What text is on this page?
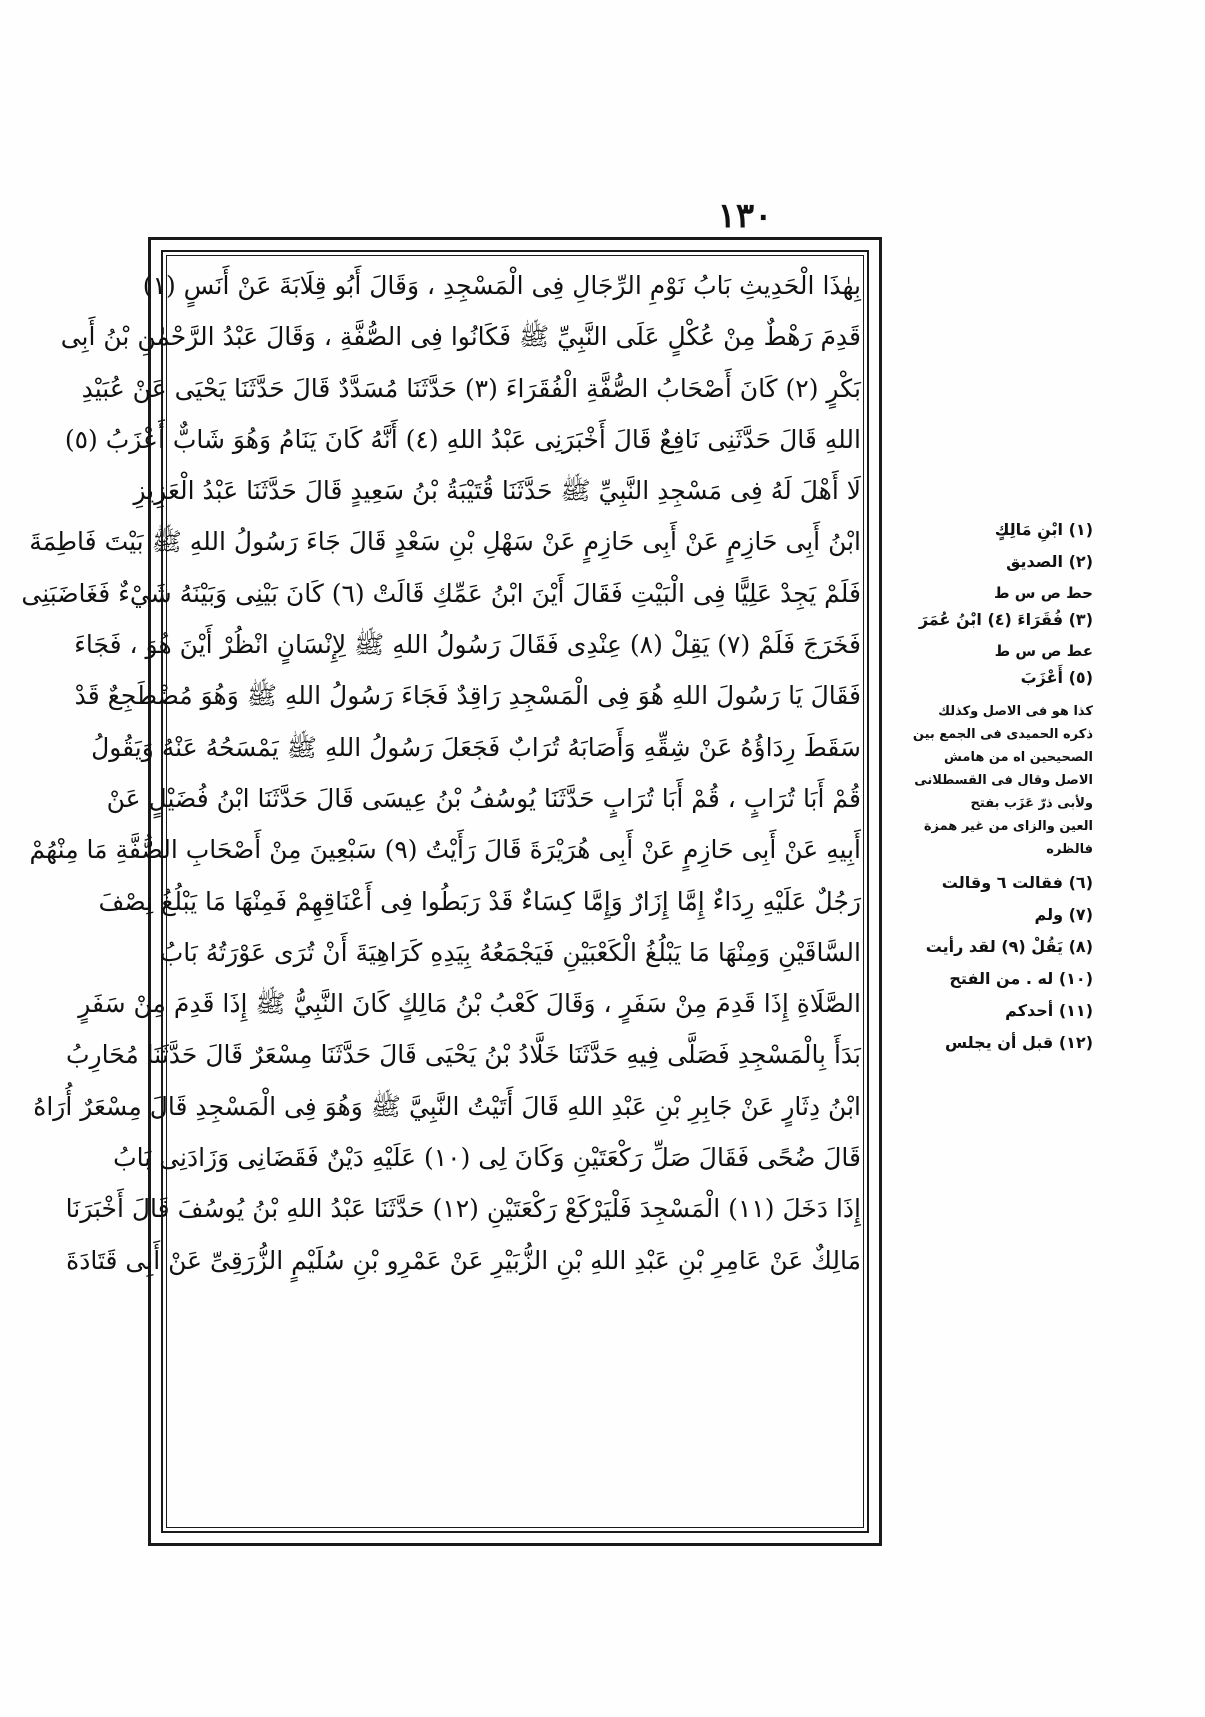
١٣٠
بِهٰذَا الْحَدِيثِ بَابُ نَوْمِ الرِّجَالِ فِى الْمَسْجِدِ ، وَقَالَ أَبُو قِلَابَةَ عَنْ أَنَسٍ (١)
قَدِمَ رَهْطٌ مِنْ عُكْلٍ عَلَى النَّبِيِّ ﷺ فَكَانُوا فِى الصُّفَّةِ ، وَقَالَ عَبْدُ الرَّحْمٰنِ بْنُ أَبِى
بَكْرٍ (٢) كَانَ أَصْحَابُ الصُّفَّةِ الْفُقَرَاءَ (٣) حَدَّثَنَا مُسَدَّدٌ قَالَ حَدَّثَنَا يَحْيَى عَنْ عُبَيْدِ
اللهِ قَالَ حَدَّثَنِى نَافِعٌ قَالَ أَخْبَرَنِى عَبْدُ اللهِ (٤) أَنَّهُ كَانَ يَنَامُ وَهُوَ شَابٌّ أَعْزَبُ (٥)
لَا أَهْلَ لَهُ فِى مَسْجِدِ النَّبِيِّ ﷺ حَدَّثَنَا قُتَيْبَةُ بْنُ سَعِيدٍ قَالَ حَدَّثَنَا عَبْدُ الْعَزِيزِ
ابْنُ أَبِى حَازِمٍ عَنْ أَبِى حَازِمٍ عَنْ سَهْلِ بْنِ سَعْدٍ قَالَ جَاءَ رَسُولُ اللهِ ﷺ بَيْتَ فَاطِمَةَ
فَلَمْ يَجِدْ عَلِيًّا فِى الْبَيْتِ فَقَالَ أَيْنَ ابْنُ عَمِّكِ قَالَتْ (٦) كَانَ بَيْنِى وَبَيْنَهُ شَيْءٌ فَغَاضَبَنِى
فَخَرَجَ فَلَمْ (٧) يَقِلْ (٨) عِنْدِى فَقَالَ رَسُولُ اللهِ ﷺ لِإِنْسَانٍ انْظُرْ أَيْنَ هُوَ ، فَجَاءَ
فَقَالَ يَا رَسُولَ اللهِ هُوَ فِى الْمَسْجِدِ رَاقِدٌ فَجَاءَ رَسُولُ اللهِ ﷺ وَهُوَ مُضْطَجِعٌ قَدْ
سَقَطَ رِدَاؤُهُ عَنْ شِقِّهِ وَأَصَابَهُ تُرَابٌ فَجَعَلَ رَسُولُ اللهِ ﷺ يَمْسَحُهُ عَنْهُ وَيَقُولُ
قُمْ أَبَا تُرَابٍ ، قُمْ أَبَا تُرَابٍ حَدَّثَنَا يُوسُفُ بْنُ عِيسَى قَالَ حَدَّثَنَا ابْنُ فُضَيْلٍ عَنْ
أَبِيهِ عَنْ أَبِى حَازِمٍ عَنْ أَبِى هُرَيْرَةَ قَالَ رَأَيْتُ (٩) سَبْعِينَ مِنْ أَصْحَابِ الصُّفَّةِ مَا مِنْهُمْ
رَجُلٌ عَلَيْهِ رِدَاءٌ إِمَّا إِزَارٌ وَإِمَّا كِسَاءٌ قَدْ رَبَطُوا فِى أَعْنَاقِهِمْ فَمِنْهَا مَا يَبْلُغُ نِصْفَ
السَّاقَيْنِ وَمِنْهَا مَا يَبْلُغُ الْكَعْبَيْنِ فَيَجْمَعُهُ بِيَدِهِ كَرَاهِيَةَ أَنْ تُرَى عَوْرَتُهُ بَابُ
الصَّلَاةِ إِذَا قَدِمَ مِنْ سَفَرٍ ، وَقَالَ كَعْبُ بْنُ مَالِكٍ كَانَ النَّبِيُّ ﷺ إِذَا قَدِمَ مِنْ سَفَرٍ
بَدَأَ بِالْمَسْجِدِ فَصَلَّى فِيهِ حَدَّثَنَا خَلَّادُ بْنُ يَحْيَى قَالَ حَدَّثَنَا مِسْعَرٌ قَالَ حَدَّثَنَا مُحَارِبُ
ابْنُ دِثَارٍ عَنْ جَابِرِ بْنِ عَبْدِ اللهِ قَالَ أَتَيْتُ النَّبِيَّ ﷺ وَهُوَ فِى الْمَسْجِدِ قَالَ مِسْعَرٌ أُرَاهُ
قَالَ ضُحًى فَقَالَ صَلِّ رَكْعَتَيْنِ وَكَانَ لِى (١٠) عَلَيْهِ دَيْنٌ فَقَضَانِى وَزَادَنِى بَابُ
إِذَا دَخَلَ (١١) الْمَسْجِدَ فَلْيَرْكَعْ رَكْعَتَيْنِ (١٢) حَدَّثَنَا عَبْدُ اللهِ بْنُ يُوسُفَ قَالَ أَخْبَرَنَا
مَالِكٌ عَنْ عَامِرِ بْنِ عَبْدِ اللهِ بْنِ الزُّبَيْرِ عَنْ عَمْرِو بْنِ سُلَيْمٍ الزُّرَقِىِّ عَنْ أَبِى قَتَادَةَ
(١) ابْنِ مَالِكٍ
(٢) الصديق
حط ص س ط
(٣) فُقَرَاءَ (٤) ابْنُ عُمَرَ
عط ص س ط
(٥) أَعْزَبَ
كذا هو فى الاصل وكذلك
ذكره الحميدى فى الجمع بين
الصحيحين اه من هامش
الاصل وقال فى القسطلانى
ولأبى ذرّ عَزَب بفتح
العين والزاى من غير همزة
فالظره
(٦) فقالت ٦ وقالت
(٧) ولم
(٨) يَقُلْ (٩) لقد رأيت
(١٠) له . من الفتح
(١١) أحدكم
(١٢) قبل أن يجلس
